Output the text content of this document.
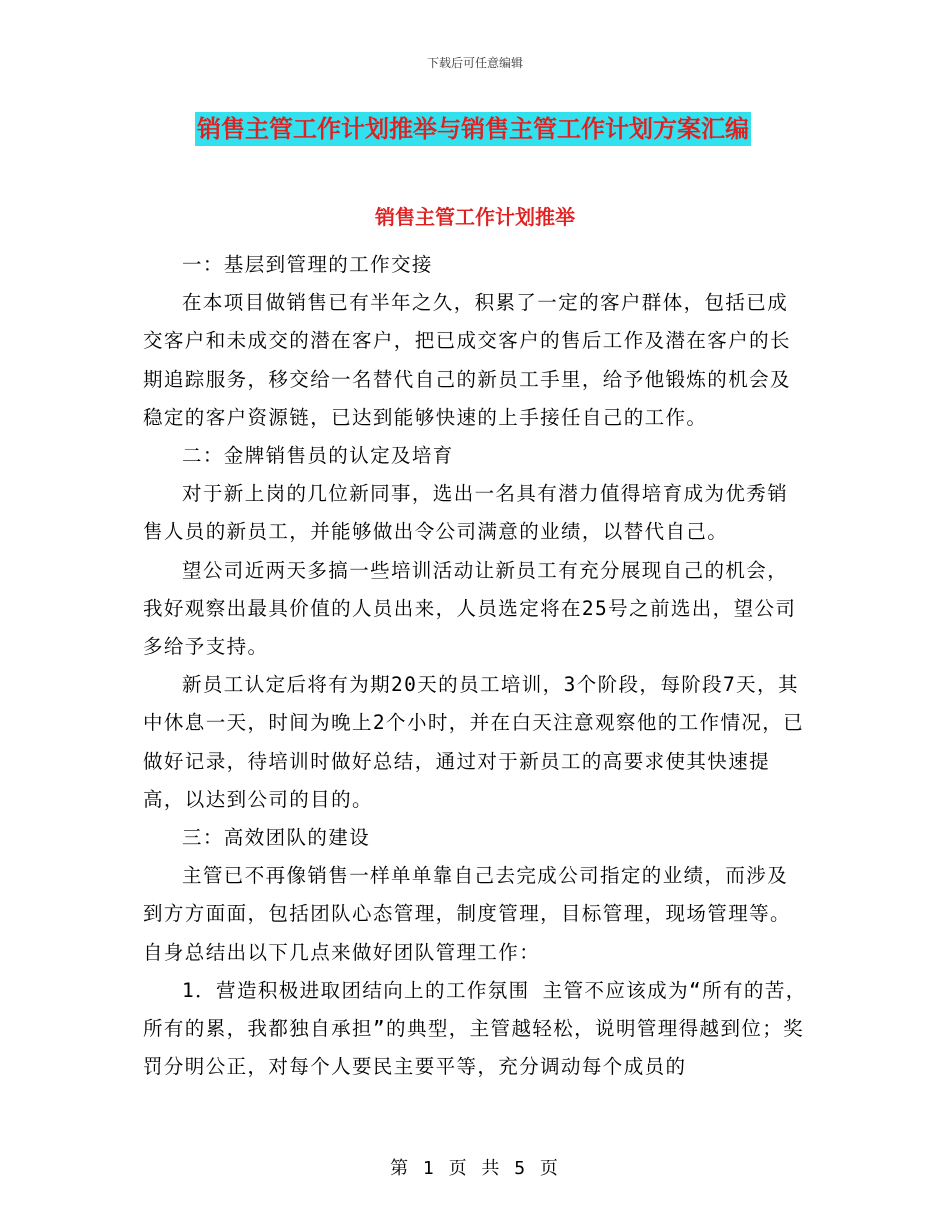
下载后可任意编辑
销售主管工作计划推举与销售主管工作计划方案汇编
销售主管工作计划推举

一：基层到管理的工作交接

在本项目做销售已有半年之久，积累了一定的客户群体，包括已成交客户和未成交的潜在客户，把已成交客户的售后工作及潜在客户的长期追踪服务，移交给一名替代自己的新员工手里，给予他锻炼的机会及稳定的客户资源链，已达到能够快速的上手接任自己的工作。

二：金牌销售员的认定及培育

对于新上岗的几位新同事，选出一名具有潜力值得培育成为优秀销售人员的新员工，并能够做出令公司满意的业绩，以替代自己。

望公司近两天多搞一些培训活动让新员工有充分展现自己的机会，我好观察出最具价值的人员出来，人员选定将在25号之前选出，望公司多给予支持。

新员工认定后将有为期20天的员工培训，3个阶段，每阶段7天，其中休息一天，时间为晚上2个小时，并在白天注意观察他的工作情况，已做好记录，待培训时做好总结，通过对于新员工的高要求使其快速提高，以达到公司的目的。

三：高效团队的建设

主管已不再像销售一样单单靠自己去完成公司指定的业绩，而涉及到方方面面，包括团队心态管理，制度管理，目标管理，现场管理等。自身总结出以下几点来做好团队管理工作：

1．营造积极进取团结向上的工作氛围 主管不应该成为“所有的苦，所有的累，我都独自承担”的典型，主管越轻松，说明管理得越到位；奖罚分明公正，对每个人要民主要平等，充分调动每个成员的

第 1 页 共 5 页
